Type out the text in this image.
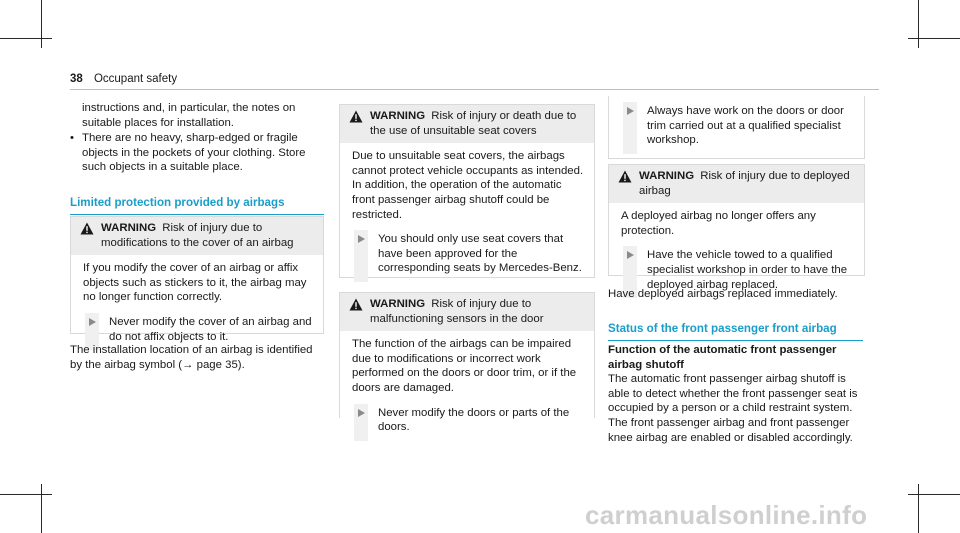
38 Occupant safety

instructions and, in particular, the notes on suitable places for installation.

• There are no heavy, sharp-edged or fragile objects in the pockets of your clothing. Store such objects in a suitable place.

Limited protection provided by airbags
WARNING Risk of injury due to modifications to the cover of an airbag

If you modify the cover of an airbag or affix objects such as stickers to it, the airbag may no longer function correctly.

Never modify the cover of an airbag and do not affix objects to it.

The installation location of an airbag is identified by the airbag symbol (→ page 35).

WARNING Risk of injury or death due to the use of unsuitable seat covers

Due to unsuitable seat covers, the airbags cannot protect vehicle occupants as intended.

In addition, the operation of the automatic front passenger airbag shutoff could be restricted.

You should only use seat covers that have been approved for the corresponding seats by Mercedes-Benz.
WARNING Risk of injury due to malfunctioning sensors in the door

The function of the airbags can be impaired due to modifications or incorrect work performed on the doors or door trim, or if the doors are damaged.

Never modify the doors or parts of the doors.
Always have work on the doors or door trim carried out at a qualified specialist workshop.
WARNING Risk of injury due to deployed airbag

A deployed airbag no longer offers any protection.

Have the vehicle towed to a qualified specialist workshop in order to have the deployed airbag replaced.

Have deployed airbags replaced immediately.

Status of the front passenger front airbag

Function of the automatic front passenger airbag shutoff

The automatic front passenger airbag shutoff is able to detect whether the front passenger seat is occupied by a person or a child restraint system. The front passenger airbag and front passenger knee airbag are enabled or disabled accordingly.

carmanualsonline.info
